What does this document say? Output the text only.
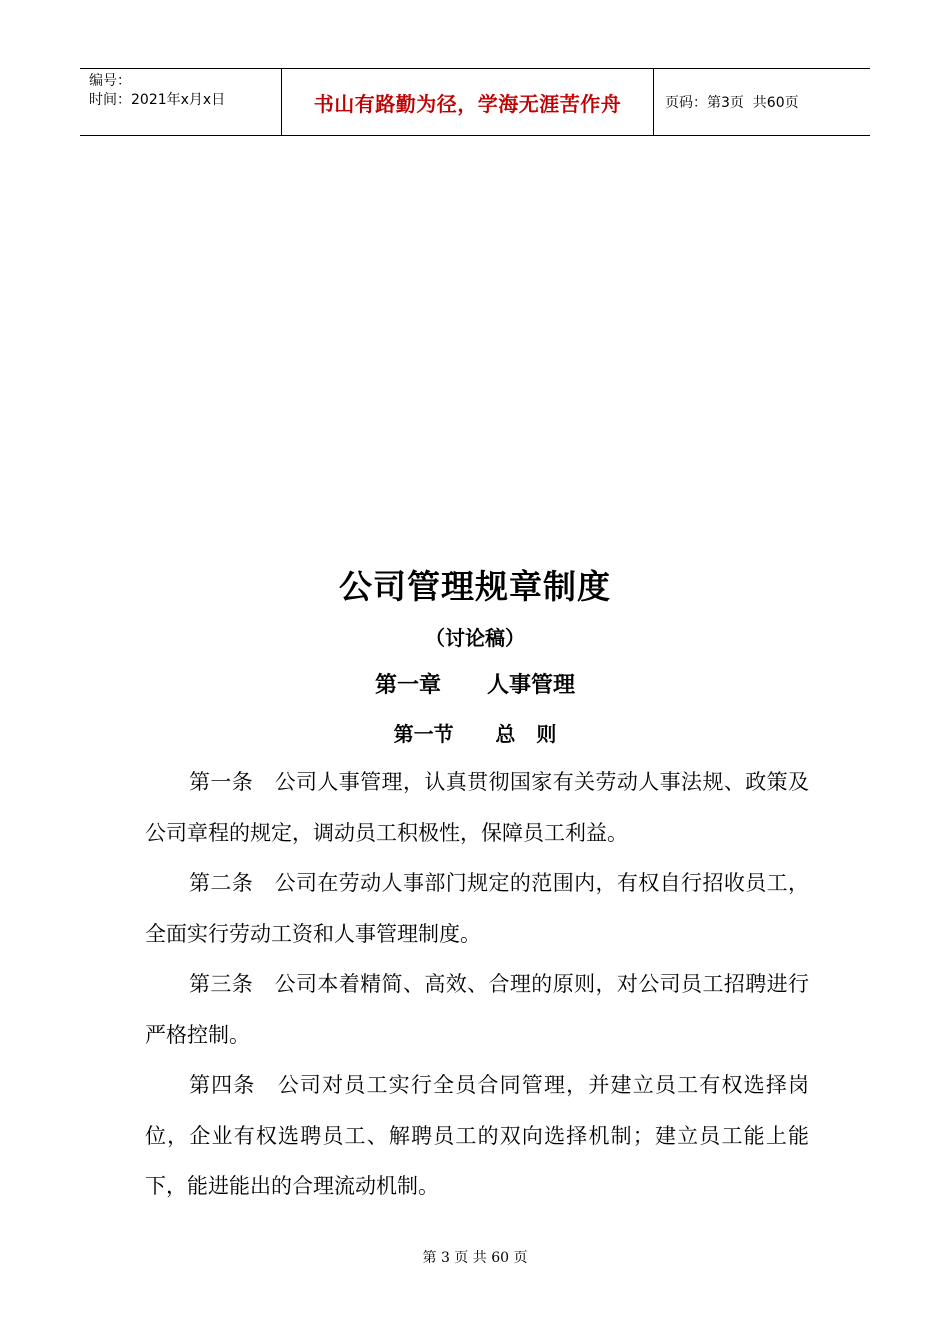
编号：
时间：2021年x月x日	书山有路勤为径，学海无涯苦作舟	页码：第3页  共60页
公司管理规章制度
（讨论稿）
第一章      人事管理
第一节      总   则

第一条　 公司人事管理，认真贯彻国家有关劳动人事法规、政策及公司章程的规定，调动员工积极性，保障员工利益。

第二条　 公司在劳动人事部门规定的范围内，有权自行招收员工，全面实行劳动工资和人事管理制度。

第三条　 公司本着精简、高效、合理的原则，对公司员工招聘进行严格控制。

第四条　 公司对员工实行全员合同管理，并建立员工有权选择岗位，企业有权选聘员工、解聘员工的双向选择机制；建立员工能上能下，能进能出的合理流动机制。

第 3 页 共 60 页
